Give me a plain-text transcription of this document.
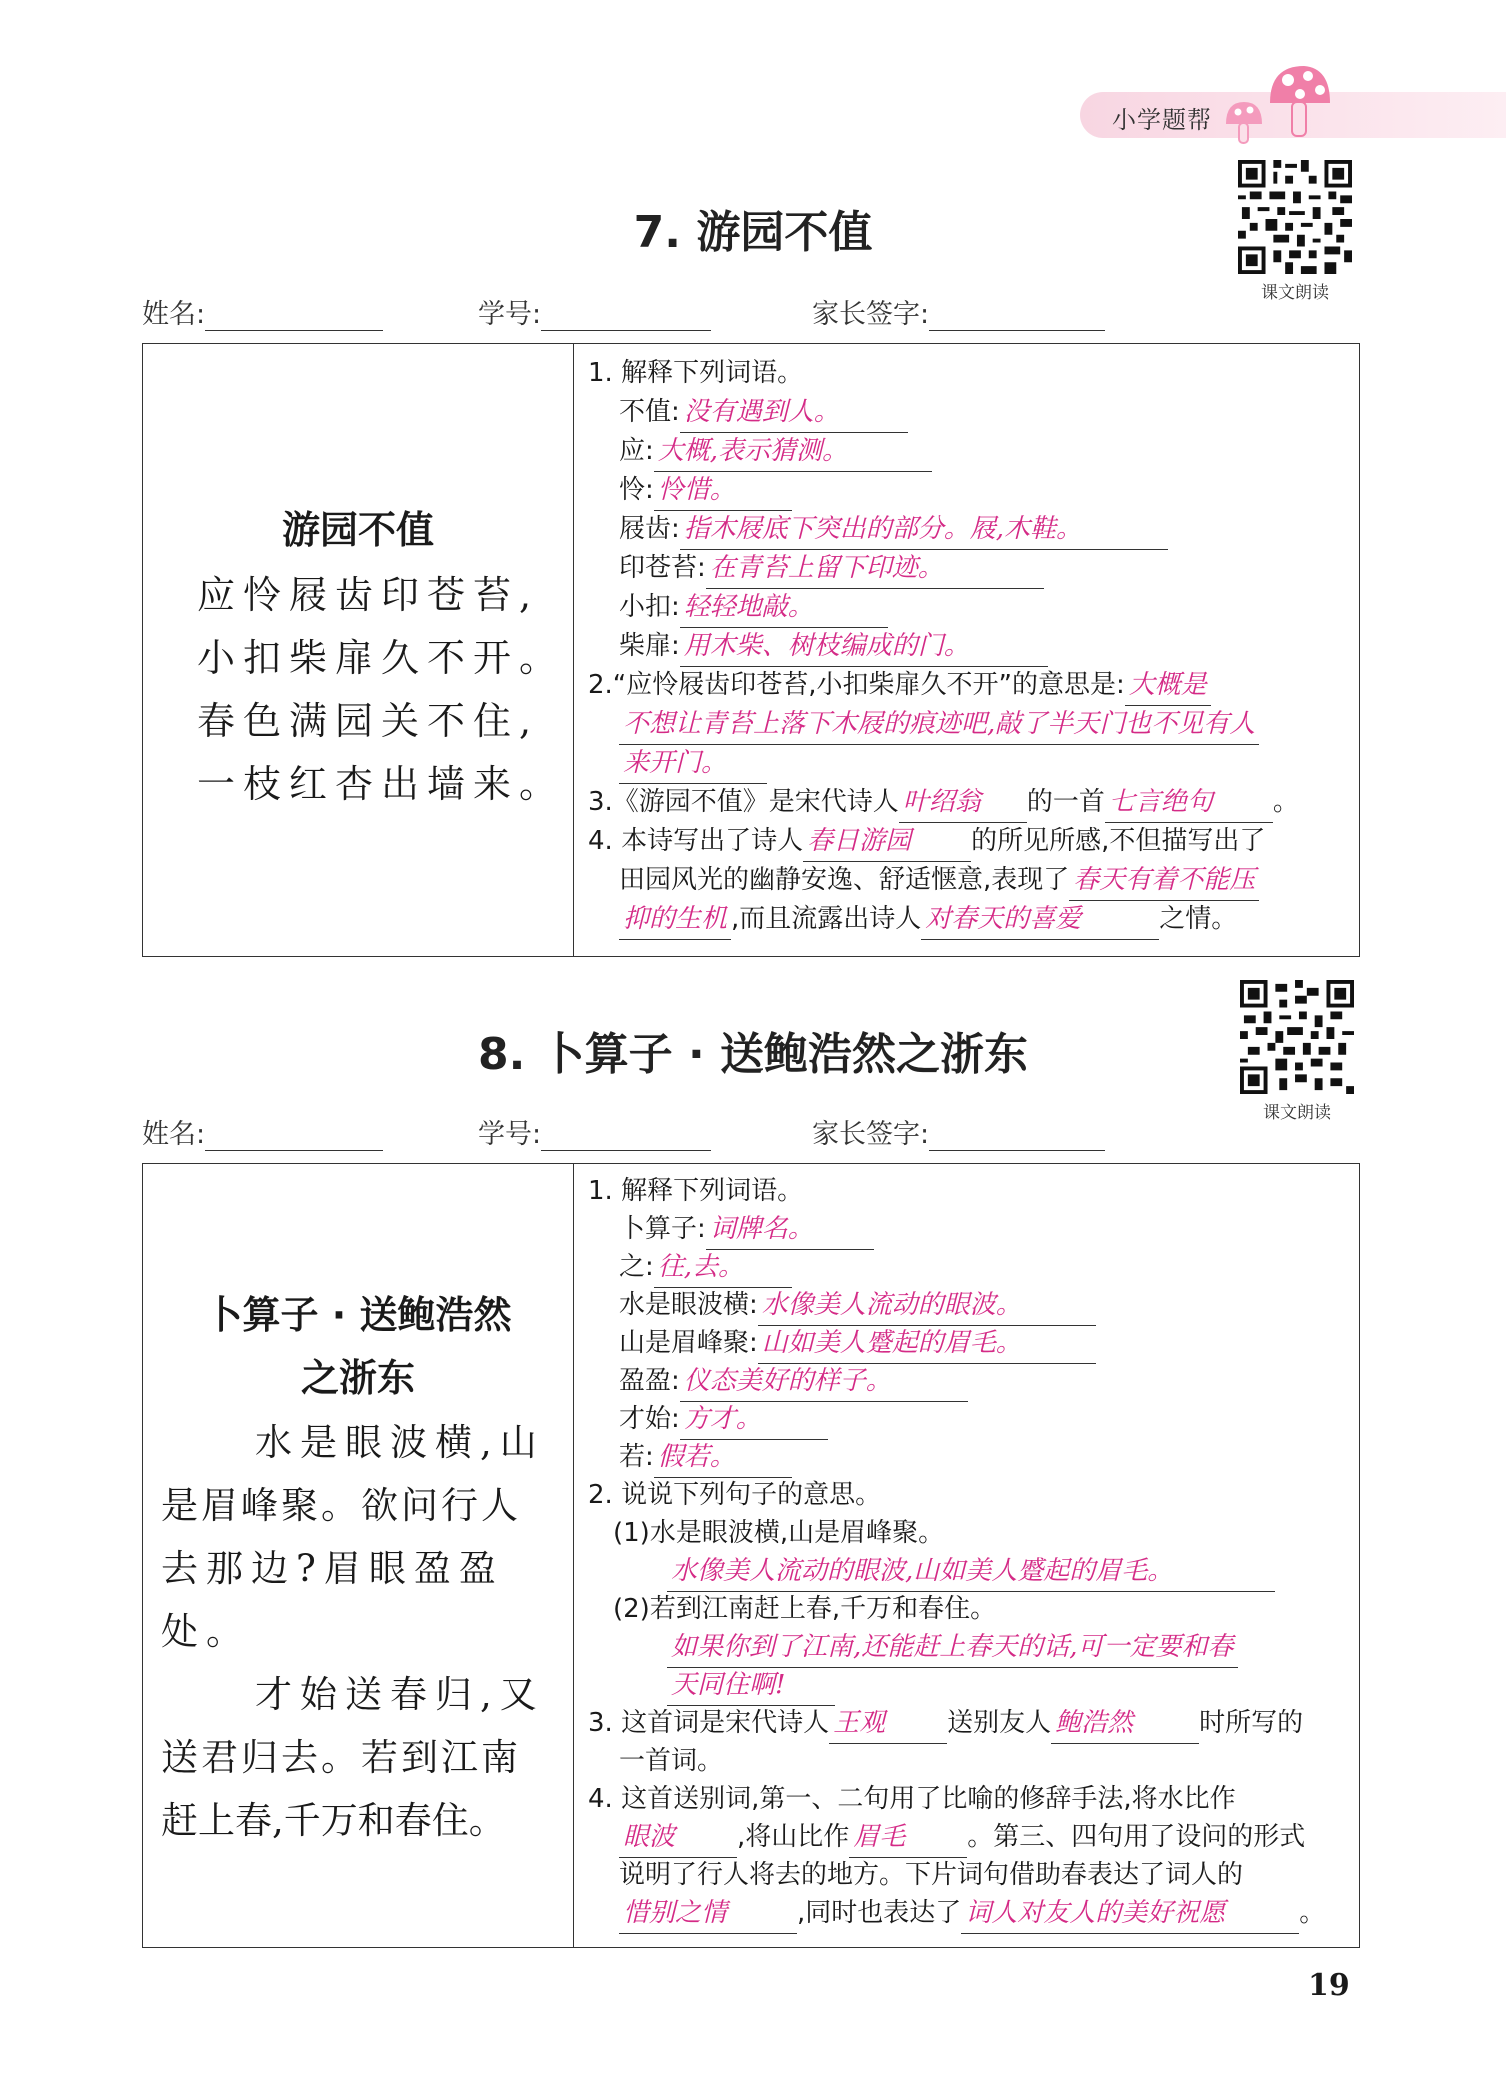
小学题帮
7. 游园不值
课文朗读
姓名:	学号:	家长签字:
游园不值
应怜屐齿印苍苔,
小扣柴扉久不开。
春色满园关不住,
一枝红杏出墙来。
1. 解释下列词语。
不值: 没有遇到人。
应: 大概,表示猜测。
怜: 怜惜。
屐齿: 指木屐底下突出的部分。屐,木鞋。
印苍苔: 在青苔上留下印迹。
小扣: 轻轻地敲。
柴扉: 用木柴、树枝编成的门。
2.“应怜屐齿印苍苔,小扣柴扉久不开”的意思是: 大概是
不想让青苔上落下木屐的痕迹吧,敲了半天门也不见有人
来开门。
3.《游园不值》是宋代诗人 叶绍翁 的一首 七言绝句 。
4. 本诗写出了诗人 春日游园 的所见所感,不但描写出了
田园风光的幽静安逸、舒适惬意,表现了 春天有着不能压
抑的生机 ,而且流露出诗人 对春天的喜爱	之情。
8. 卜算子 · 送鲍浩然之浙东
课文朗读
姓名:	学号:	家长签字:
卜算子 · 送鲍浩然
之浙东
水是眼波横,山
是眉峰聚。欲问行人
去那边?眉眼盈盈
处。
才始送春归,又
送君归去。若到江南
赶上春,千万和春住。
1. 解释下列词语。
卜算子: 词牌名。
之: 往,去。
水是眼波横: 水像美人流动的眼波。
山是眉峰聚: 山如美人蹙起的眉毛。
盈盈: 仪态美好的样子。
才始: 方才。
若: 假若。
2. 说说下列句子的意思。
(1)水是眼波横,山是眉峰聚。
水像美人流动的眼波,山如美人蹙起的眉毛。
(2)若到江南赶上春,千万和春住。
如果你到了江南,还能赶上春天的话,可一定要和春
天同住啊!
3. 这首词是宋代诗人 王观 送别友人 鲍浩然	时所写的
一首词。
4. 这首送别词,第一、二句用了比喻的修辞手法,将水比作
眼波 ,将山比作 眉毛 。第三、四句用了设问的形式
说明了行人将去的地方。下片词句借助春表达了词人的
惜别之情	,同时也表达了 词人对友人的美好祝愿	。
19
